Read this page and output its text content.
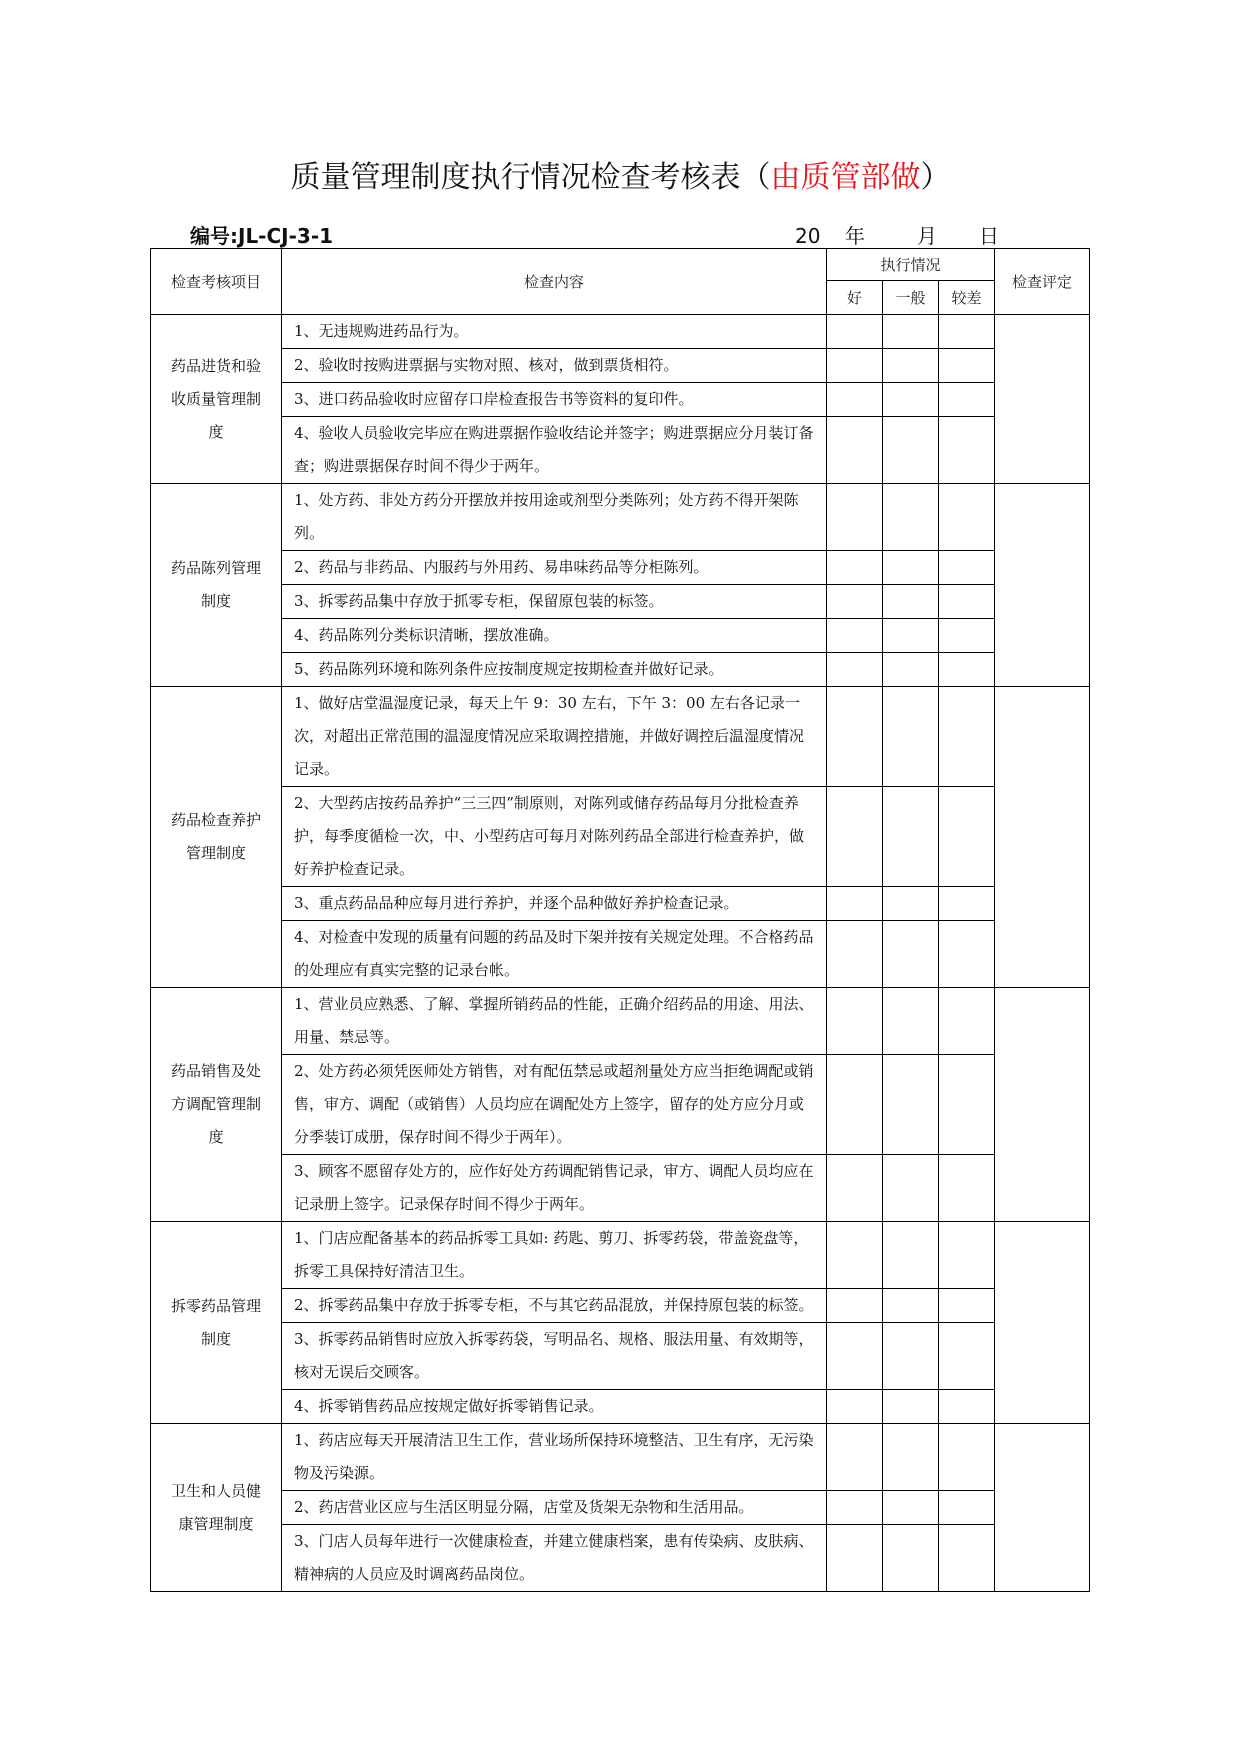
质量管理制度执行情况检查考核表（由质管部做）
编号:JL-CJ-3-1	20 年	月 日
检查考核项目	检查内容	执行情况			检查评定
		好	一般	较差	
药品进货和验收质量管理制度	1、无违规购进药品行为。				
	2、验收时按购进票据与实物对照、核对，做到票货相符。				
	3、进口药品验收时应留存口岸检查报告书等资料的复印件。				
	4、验收人员验收完毕应在购进票据作验收结论并签字；购进票据应分月装订备查；购进票据保存时间不得少于两年。				
药品陈列管理制度	1、处方药、非处方药分开摆放并按用途或剂型分类陈列；处方药不得开架陈列。				
	2、药品与非药品、内服药与外用药、易串味药品等分柜陈列。				
	3、拆零药品集中存放于抓零专柜，保留原包装的标签。				
	4、药品陈列分类标识清晰，摆放准确。				
	5、药品陈列环境和陈列条件应按制度规定按期检查并做好记录。				
药品检查养护管理制度	1、做好店堂温湿度记录，每天上午 9：30 左右，下午 3：00 左右各记录一次，对超出正常范围的温湿度情况应采取调控措施，并做好调控后温湿度情况记录。				
	2、大型药店按药品养护“三三四”制原则，对陈列或储存药品每月分批检查养护，每季度循检一次，中、小型药店可每月对陈列药品全部进行检查养护，做好养护检查记录。				
	3、重点药品品种应每月进行养护，并逐个品种做好养护检查记录。				
	4、对检查中发现的质量有问题的药品及时下架并按有关规定处理。不合格药品的处理应有真实完整的记录台帐。				
药品销售及处方调配管理制度	1、营业员应熟悉、了解、掌握所销药品的性能，正确介绍药品的用途、用法、用量、禁忌等。				
	2、处方药必须凭医师处方销售，对有配伍禁忌或超剂量处方应当拒绝调配或销售，审方、调配（或销售）人员均应在调配处方上签字，留存的处方应分月或分季装订成册，保存时间不得少于两年）。				
	3、顾客不愿留存处方的，应作好处方药调配销售记录，审方、调配人员均应在记录册上签字。记录保存时间不得少于两年。				
拆零药品管理制度	1、门店应配备基本的药品拆零工具如: 药匙、剪刀、拆零药袋，带盖瓷盘等，拆零工具保持好清洁卫生。				
	2、拆零药品集中存放于拆零专柜，不与其它药品混放，并保持原包装的标签。				
	3、拆零药品销售时应放入拆零药袋，写明品名、规格、服法用量、有效期等，核对无误后交顾客。				
	4、拆零销售药品应按规定做好拆零销售记录。				
卫生和人员健康管理制度	1、药店应每天开展清洁卫生工作，营业场所保持环境整洁、卫生有序，无污染物及污染源。				
	2、药店营业区应与生活区明显分隔，店堂及货架无杂物和生活用品。				
	3、门店人员每年进行一次健康检查，并建立健康档案，患有传染病、皮肤病、精神病的人员应及时调离药品岗位。				
